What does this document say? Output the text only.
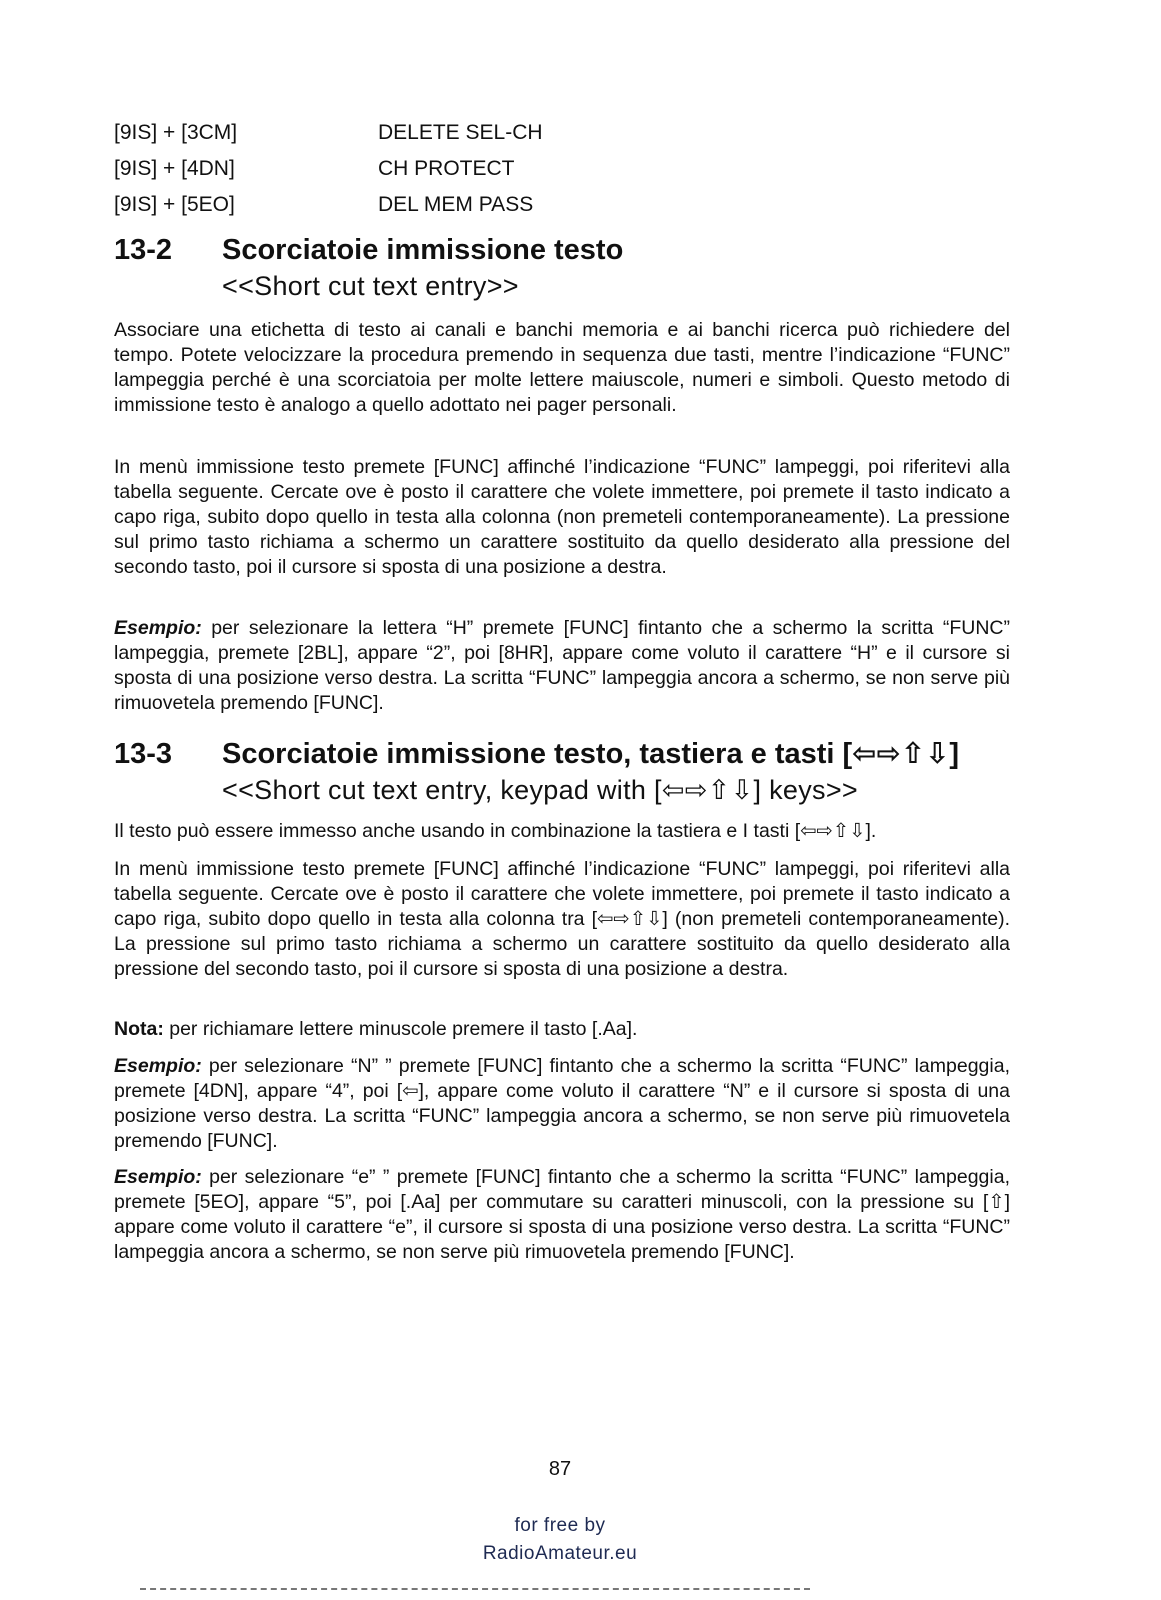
[9IS] + [3CM]	DELETE SEL-CH
[9IS] + [4DN]	CH PROTECT
[9IS] + [5EO]	DEL MEM PASS
13-2	Scorciatoie immissione testo
<<Short cut text entry>>

Associare una etichetta di testo ai canali e banchi memoria e ai banchi ricerca può richiedere del tempo. Potete velocizzare la procedura premendo in sequenza due tasti, mentre l’indicazione “FUNC” lampeggia perché è una scorciatoia per molte lettere maiuscole, numeri e simboli. Questo metodo di immissione testo è analogo a quello adottato nei pager personali.

In menù immissione testo premete [FUNC] affinché l’indicazione “FUNC” lampeggi, poi riferitevi alla tabella seguente. Cercate ove è posto il carattere che volete immettere, poi premete il tasto indicato a capo riga, subito dopo quello in testa alla colonna (non premeteli contemporaneamente). La pressione sul primo tasto richiama a schermo un carattere sostituito da quello desiderato alla pressione del secondo tasto, poi il cursore si sposta di una posizione a destra.

Esempio: per selezionare la lettera “H” premete [FUNC] fintanto che a schermo la scritta “FUNC” lampeggia, premete [2BL], appare “2”, poi [8HR], appare come voluto il carattere “H” e il cursore si sposta di una posizione verso destra. La scritta “FUNC” lampeggia ancora a schermo, se non serve più rimuovetela premendo [FUNC].

13-3	Scorciatoie immissione testo, tastiera e tasti [⇦⇨⇧⇩]
<<Short cut text entry, keypad with [⇦⇨⇧⇩] keys>>

Il testo può essere immesso anche usando in combinazione la tastiera e I tasti [⇦⇨⇧⇩].

In menù immissione testo premete [FUNC] affinché l’indicazione “FUNC” lampeggi, poi riferitevi alla tabella seguente. Cercate ove è posto il carattere che volete immettere, poi premete il tasto indicato a capo riga, subito dopo quello in testa alla colonna tra [⇦⇨⇧⇩] (non premeteli contemporaneamente). La pressione sul primo tasto richiama a schermo un carattere sostituito da quello desiderato alla pressione del secondo tasto, poi il cursore si sposta di una posizione a destra.

Nota: per richiamare lettere minuscole premere il tasto [.Aa].

Esempio: per selezionare “N” ” premete [FUNC] fintanto che a schermo la scritta “FUNC” lampeggia, premete [4DN], appare “4”, poi [⇦], appare come voluto il carattere “N” e il cursore si sposta di una posizione verso destra. La scritta “FUNC” lampeggia ancora a schermo, se non serve più rimuovetela premendo [FUNC].

Esempio: per selezionare “e” ” premete [FUNC] fintanto che a schermo la scritta “FUNC” lampeggia, premete [5EO], appare “5”, poi [.Aa] per commutare su caratteri minuscoli, con la pressione su [⇧] appare come voluto il carattere “e”, il cursore si sposta di una posizione verso destra. La scritta “FUNC” lampeggia ancora a schermo, se non serve più rimuovetela premendo [FUNC].

87
for free by
RadioAmateur.eu
